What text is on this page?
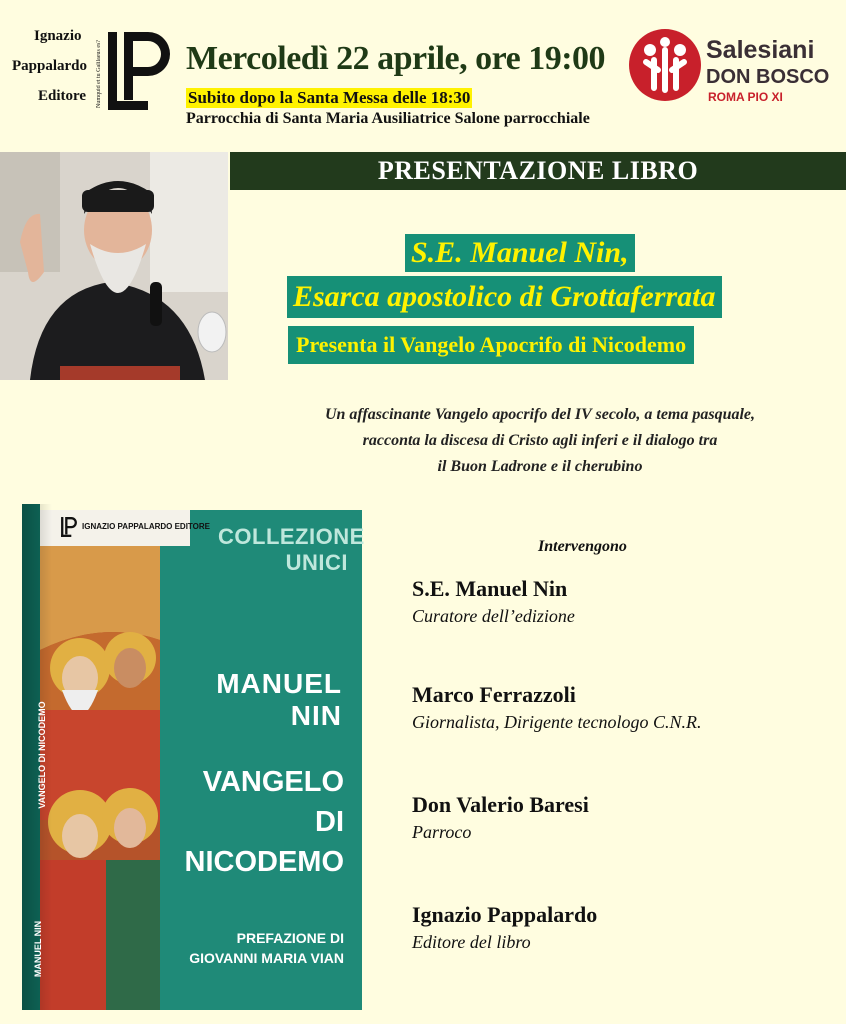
Ignazio
Pappalardo
Editore Numquid et tu Galilaeus es? Mercoledì 22 aprile, ore 19:00
Subito dopo la Santa Messa delle 18:30
Parrocchia di Santa Maria Ausiliatrice Salone parrocchiale
Salesiani
DON BOSCO
ROMA PIO XI
PRESENTAZIONE LIBRO
S.E. Manuel Nin,
Esarca apostolico di Grottaferrata
Presenta il Vangelo Apocrifo di Nicodemo
Un affascinante Vangelo apocrifo del IV secolo, a tema pasquale,
racconta la discesa di Cristo agli inferi e il dialogo tra
il Buon Ladrone e il cherubino
IGNAZIO PAPPALARDO EDITORE COLLEZIONE
UNICI
MANUEL
NIN
VANGELO
DI NICODEMO
PREFAZIONE DI
GIOVANNI MARIA VIAN
VANGELO DI NICODEMO
MANUEL NIN
Intervengono
S.E. Manuel Nin
Curatore dell’edizione
Marco Ferrazzoli
Giornalista, Dirigente tecnologo C.N.R.
Don Valerio Baresi
Parroco
Ignazio Pappalardo
Editore del libro
